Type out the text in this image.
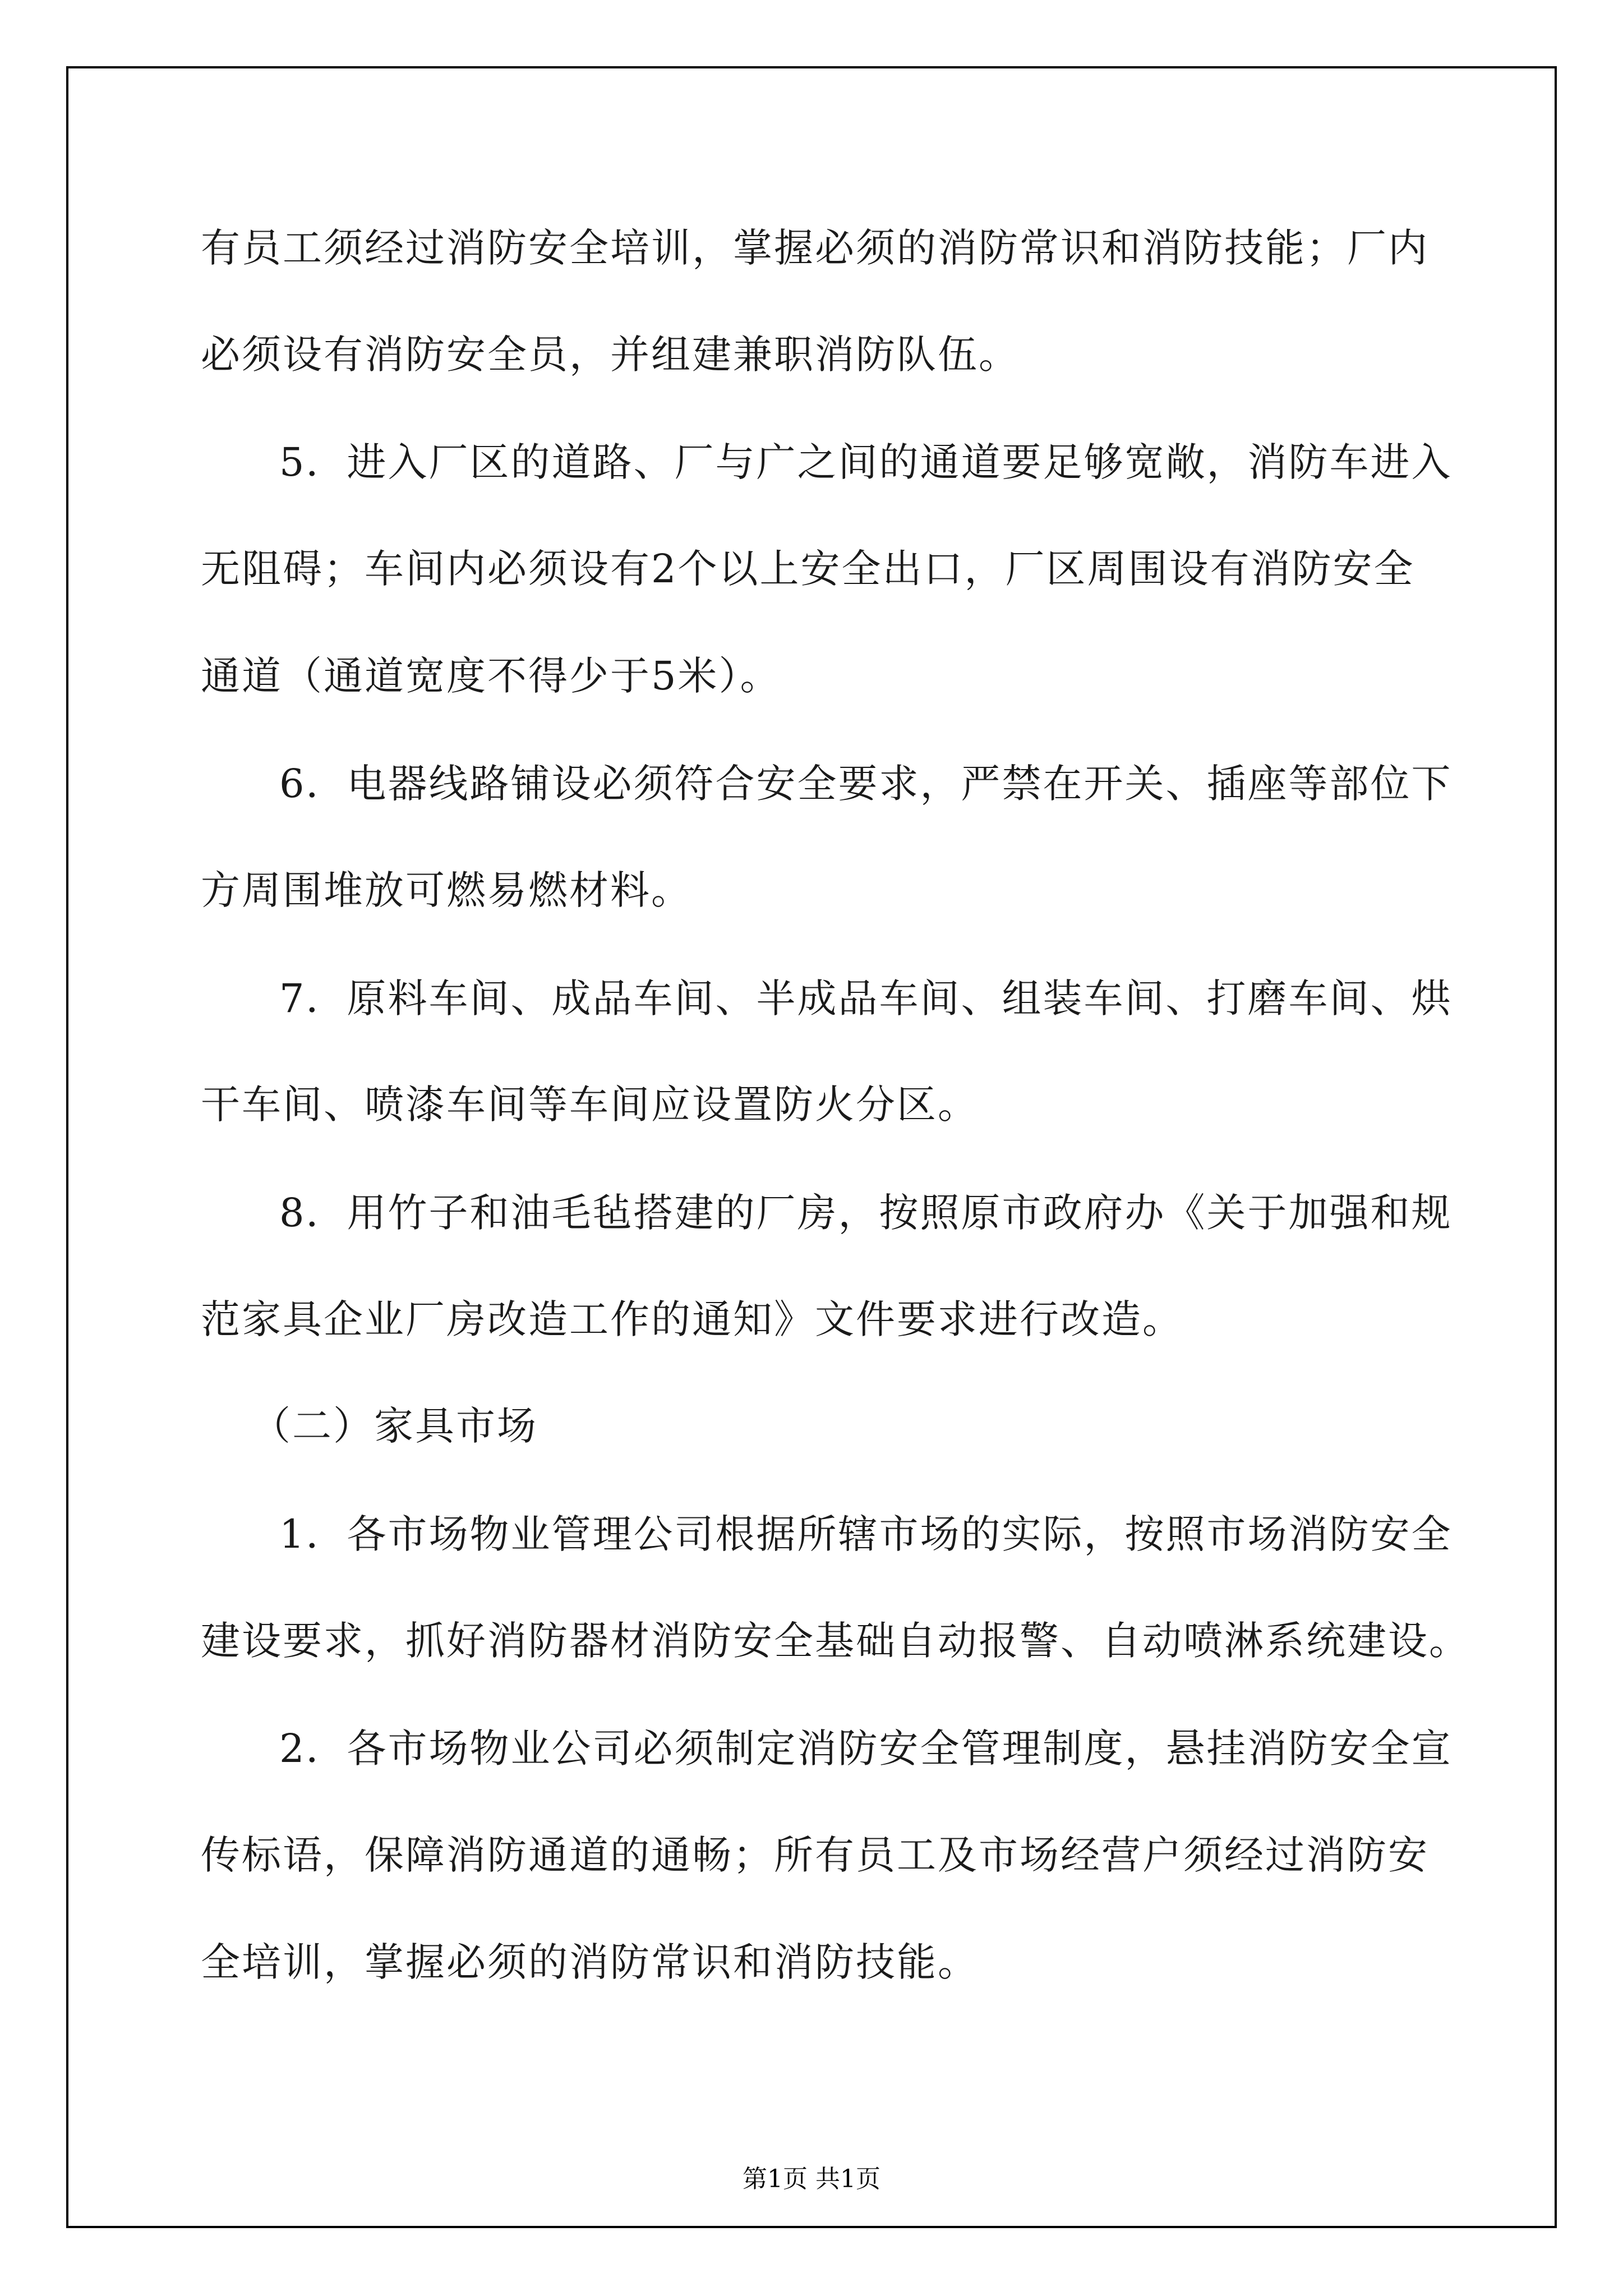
有员工须经过消防安全培训，掌握必须的消防常识和消防技能；厂内

必须设有消防安全员，并组建兼职消防队伍。

5．进入厂区的道路、厂与广之间的通道要足够宽敞，消防车进入

无阻碍；车间内必须设有2个以上安全出口，厂区周围设有消防安全

通道（通道宽度不得少于5米）。

6．电器线路铺设必须符合安全要求，严禁在开关、插座等部位下

方周围堆放可燃易燃材料。

7．原料车间、成品车间、半成品车间、组装车间、打磨车间、烘

干车间、喷漆车间等车间应设置防火分区。

8．用竹子和油毛毡搭建的厂房，按照原市政府办《关于加强和规

范家具企业厂房改造工作的通知》文件要求进行改造。

（二）家具市场

1．各市场物业管理公司根据所辖市场的实际，按照市场消防安全

建设要求，抓好消防器材消防安全基础自动报警、自动喷淋系统建设。

2．各市场物业公司必须制定消防安全管理制度，悬挂消防安全宣

传标语，保障消防通道的通畅；所有员工及市场经营户须经过消防安

全培训，掌握必须的消防常识和消防技能。

第1页 共1页
